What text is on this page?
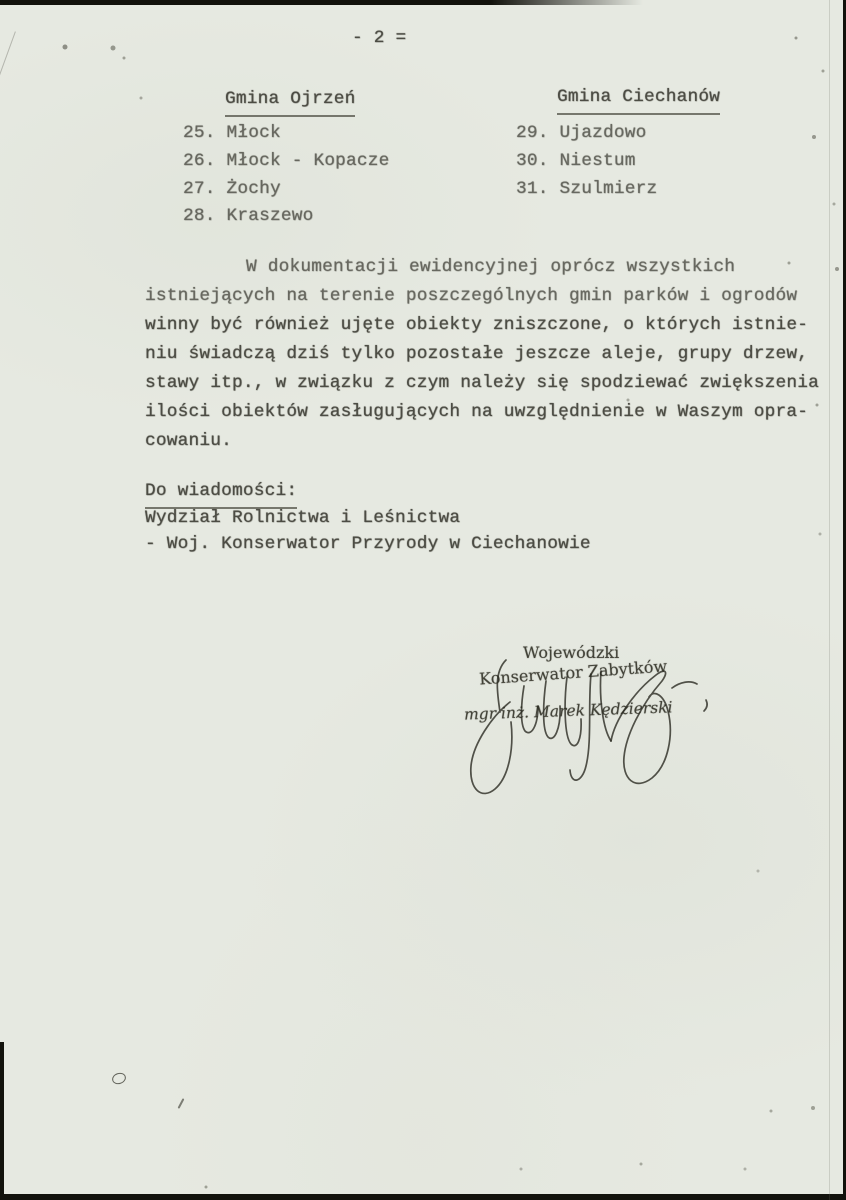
- 2 =
Gmina Ojrzeń
25. Młock
26. Młock - Kopacze
27. Żochy
28. Kraszewo
Gmina Ciechanów
29. Ujazdowo
30. Niestum
31. Szulmierz
W dokumentacji ewidencyjnej oprócz wszystkich
istniejących na terenie poszczególnych gmin parków i ogrodów
winny być również ujęte obiekty zniszczone, o których istnie-
niu świadczą dziś tylko pozostałe jeszcze aleje, grupy drzew,
stawy itp., w związku z czym należy się spodziewać zwiększenia
ilości obiektów zasługujących na uwzględnienie w Waszym opra-
cowaniu.
Do wiadomości:
Wydział Rolnictwa i Leśnictwa
- Woj. Konserwator Przyrody w Ciechanowie
Wojewódzki
Konserwator Zabytków
mgr inż. Marek Kędzierski
